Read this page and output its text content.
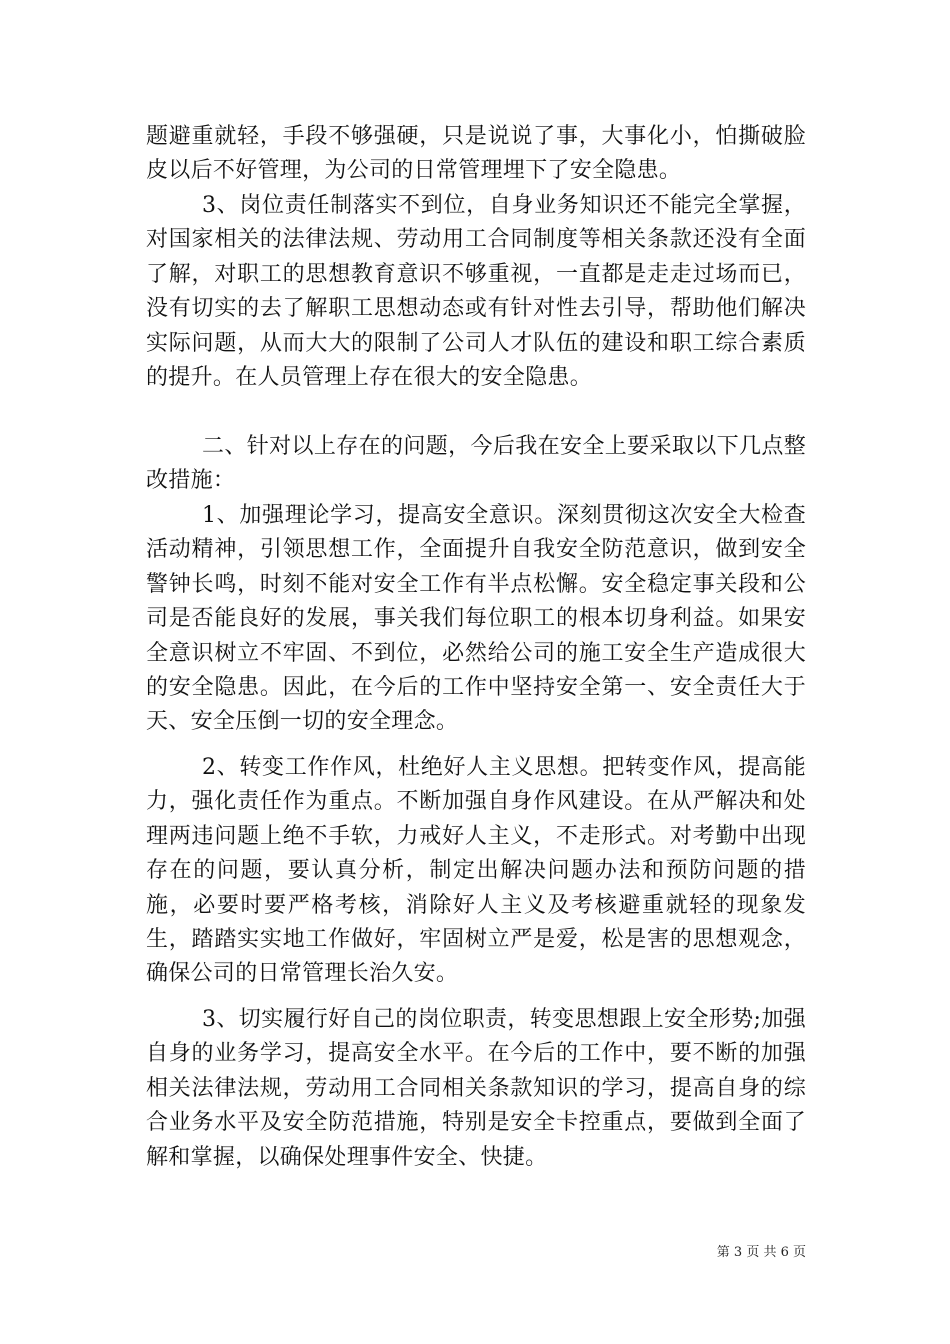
题避重就轻，手段不够强硬，只是说说了事，大事化小，怕撕破脸皮以后不好管理，为公司的日常管理埋下了安全隐患。

3、岗位责任制落实不到位，自身业务知识还不能完全掌握，对国家相关的法律法规、劳动用工合同制度等相关条款还没有全面了解，对职工的思想教育意识不够重视，一直都是走走过场而已，没有切实的去了解职工思想动态或有针对性去引导，帮助他们解决实际问题，从而大大的限制了公司人才队伍的建设和职工综合素质的提升。在人员管理上存在很大的安全隐患。

二、针对以上存在的问题，今后我在安全上要采取以下几点整改措施：

1、加强理论学习，提高安全意识。深刻贯彻这次安全大检查活动精神，引领思想工作，全面提升自我安全防范意识，做到安全警钟长鸣，时刻不能对安全工作有半点松懈。安全稳定事关段和公司是否能良好的发展，事关我们每位职工的根本切身利益。如果安全意识树立不牢固、不到位，必然给公司的施工安全生产造成很大的安全隐患。因此，在今后的工作中坚持安全第一、安全责任大于天、安全压倒一切的安全理念。

2、转变工作作风，杜绝好人主义思想。把转变作风，提高能力，强化责任作为重点。不断加强自身作风建设。在从严解决和处理两违问题上绝不手软，力戒好人主义，不走形式。对考勤中出现存在的问题，要认真分析，制定出解决问题办法和预防问题的措施，必要时要严格考核，消除好人主义及考核避重就轻的现象发生，踏踏实实地工作做好，牢固树立严是爱，松是害的思想观念，确保公司的日常管理长治久安。

3、切实履行好自己的岗位职责，转变思想跟上安全形势;加强自身的业务学习，提高安全水平。在今后的工作中，要不断的加强相关法律法规，劳动用工合同相关条款知识的学习，提高自身的综合业务水平及安全防范措施，特别是安全卡控重点，要做到全面了解和掌握，以确保处理事件安全、快捷。

第 3 页 共 6 页
